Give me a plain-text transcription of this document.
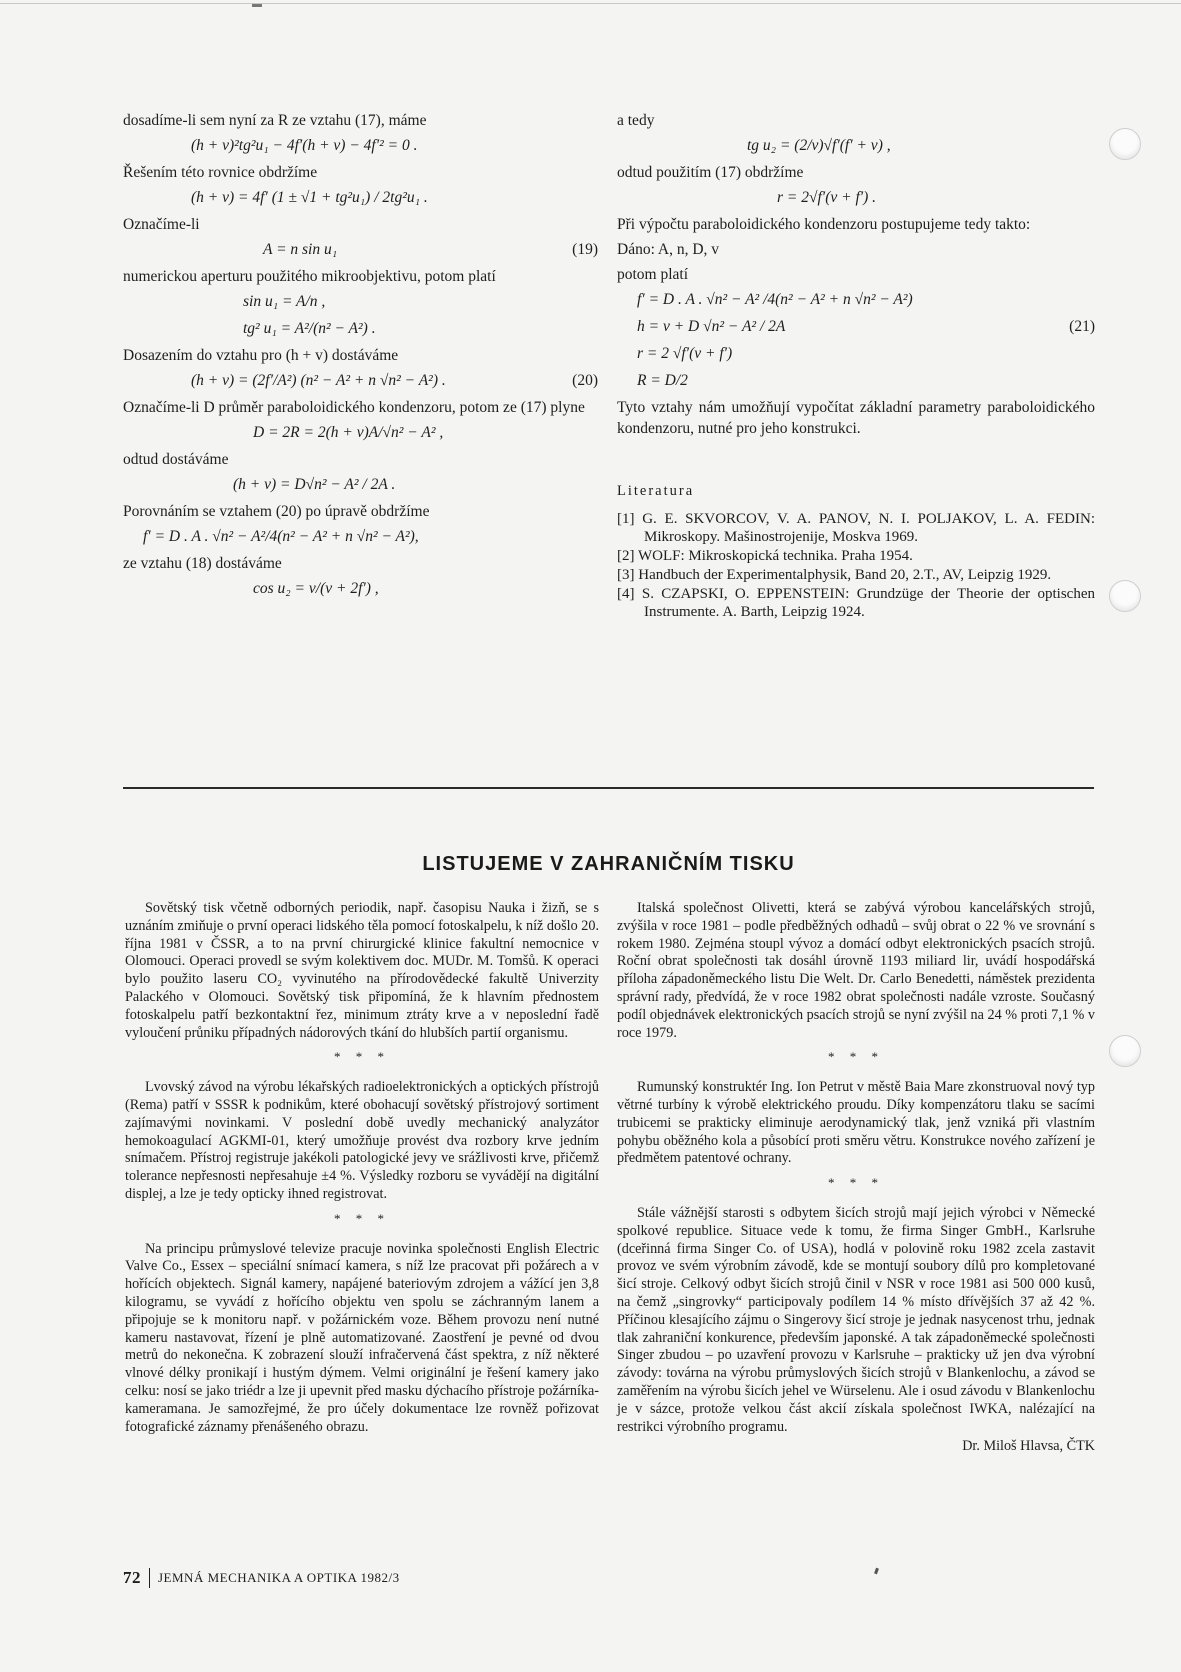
dosadíme-li sem nyní za R ze vztahu (17), máme
(h + v)²tg²u₁ − 4f′(h + v) − 4f′² = 0 .
Řešením této rovnice obdržíme
(h + v) = 4f′ (1 ± √1 + tg²u₁) / 2tg²u₁ .
Označíme-li
A = n sin u₁	(19)
numerickou aperturu použitého mikroobjektivu, potom platí
sin u₁ = A/n ,
tg² u₁ = A²/(n² − A²) .
Dosazením do vztahu pro (h + v) dostáváme
(h + v) = (2f′/A²) (n² − A² + n √n² − A²) .	(20)
Označíme-li D průměr paraboloidického kondenzoru, potom ze (17) plyne
D = 2R = 2(h + v)A/√n² − A² ,
odtud dostáváme
(h + v) = D√n² − A² / 2A .
Porovnáním se vztahem (20) po úpravě obdržíme
f′ = D . A . √n² − A²/4(n² − A² + n √n² − A²),
ze vztahu (18) dostáváme
cos u₂ = v/(v + 2f′) ,
a tedy
tg u₂ = (2/v)√f′(f′ + v) ,
odtud použitím (17) obdržíme
r = 2√f′(v + f′) .
Při výpočtu paraboloidického kondenzoru postupujeme tedy takto:
Dáno: A, n, D, v
potom platí
f′ = D . A . √n² − A² /4(n² − A² + n √n² − A²)
h = v + D √n² − A² / 2A	(21)
r = 2 √f′(v + f′)
R = D/2
Tyto vztahy nám umožňují vypočítat základní parametry paraboloidického kondenzoru, nutné pro jeho konstrukci.
Literatura
[1] G. E. SKVORCOV, V. A. PANOV, N. I. POLJAKOV, L. A. FEDIN: Mikroskopy. Mašinostrojenije, Moskva 1969.
[2] WOLF: Mikroskopická technika. Praha 1954.
[3] Handbuch der Experimentalphysik, Band 20, 2.T., AV, Leipzig 1929.
[4] S. CZAPSKI, O. EPPENSTEIN: Grundzüge der Theorie der optischen Instrumente. A. Barth, Leipzig 1924.
LISTUJEME V ZAHRANIČNÍM TISKU

Sovětský tisk včetně odborných periodik, např. časopisu Nauka i žizň, se s uznáním zmiňuje o první operaci lidského těla pomocí fotoskalpelu, k níž došlo 20. října 1981 v ČSSR, a to na první chirurgické klinice fakultní nemocnice v Olomouci. Operaci provedl se svým kolektivem doc. MUDr. M. Tomšů. K operaci bylo použito laseru CO₂ vyvinutého na přírodovědecké fakultě Univerzity Palackého v Olomouci. Sovětský tisk připomíná, že k hlavním přednostem fotoskalpelu patří bezkontaktní řez, minimum ztráty krve a v neposlední řadě vyloučení průniku případných nádorových tkání do hlubších partií organismu.

* * *

Lvovský závod na výrobu lékařských radioelektronických a optických přístrojů (Rema) patří v SSSR k podnikům, které obohacují sovětský přístrojový sortiment zajímavými novinkami. V poslední době uvedly mechanický analyzátor hemokoagulací AGKMI-01, který umožňuje provést dva rozbory krve jedním snímačem. Přístroj registruje jakékoli patologické jevy ve srážlivosti krve, přičemž tolerance nepřesnosti nepřesahuje ±4 %. Výsledky rozboru se vyvádějí na digitální displej, a lze je tedy opticky ihned registrovat.

* * *

Na principu průmyslové televize pracuje novinka společnosti English Electric Valve Co., Essex – speciální snímací kamera, s níž lze pracovat při požárech a v hořících objektech. Signál kamery, napájené bateriovým zdrojem a vážící jen 3,8 kilogramu, se vyvádí z hořícího objektu ven spolu se záchranným lanem a připojuje se k monitoru např. v požárnickém voze. Během provozu není nutné kameru nastavovat, řízení je plně automatizované. Zaostření je pevné od dvou metrů do nekonečna. K zobrazení slouží infračervená část spektra, z níž některé vlnové délky pronikají i hustým dýmem. Velmi originální je řešení kamery jako celku: nosí se jako triédr a lze ji upevnit před masku dýchacího přístroje požárníka-kameramana. Je samozřejmé, že pro účely dokumentace lze rovněž pořizovat fotografické záznamy přenášeného obrazu.

Italská společnost Olivetti, která se zabývá výrobou kancelářských strojů, zvýšila v roce 1981 – podle předběžných odhadů – svůj obrat o 22 % ve srovnání s rokem 1980. Zejména stoupl vývoz a domácí odbyt elektronických psacích strojů. Roční obrat společnosti tak dosáhl úrovně 1193 miliard lir, uvádí hospodářská příloha západoněmeckého listu Die Welt. Dr. Carlo Benedetti, náměstek prezidenta správní rady, předvídá, že v roce 1982 obrat společnosti nadále vzroste. Současný podíl objednávek elektronických psacích strojů se nyní zvýšil na 24 % proti 7,1 % v roce 1979.

* * *

Rumunský konstruktér Ing. Ion Petrut v městě Baia Mare zkonstruoval nový typ větrné turbíny k výrobě elektrického proudu. Díky kompenzátoru tlaku se sacími trubicemi se prakticky eliminuje aerodynamický tlak, jenž vzniká při vlastním pohybu oběžného kola a působící proti směru větru. Konstrukce nového zařízení je předmětem patentové ochrany.

* * *

Stále vážnější starosti s odbytem šicích strojů mají jejich výrobci v Německé spolkové republice. Situace vede k tomu, že firma Singer GmbH., Karlsruhe (dceřinná firma Singer Co. of USA), hodlá v polovině roku 1982 zcela zastavit provoz ve svém výrobním závodě, kde se montují soubory dílů pro kompletované šicí stroje. Celkový odbyt šicích strojů činil v NSR v roce 1981 asi 500 000 kusů, na čemž „singrovky“ participovaly podílem 14 % místo dřívějších 37 až 42 %. Příčinou klesajícího zájmu o Singerovy šicí stroje je jednak nasycenost trhu, jednak tlak zahraniční konkurence, především japonské. A tak západoněmecké společnosti Singer zbudou – po uzavření provozu v Karlsruhe – prakticky už jen dva výrobní závody: továrna na výrobu průmyslových šicích strojů v Blankenlochu, a závod se zaměřením na výrobu šicích jehel ve Würselenu. Ale i osud závodu v Blankenlochu je v sázce, protože velkou část akcií získala společnost IWKA, nalézající na restrikci výrobního programu.

Dr. Miloš Hlavsa, ČTK
72 JEMNÁ MECHANIKA A OPTIKA 1982/3
